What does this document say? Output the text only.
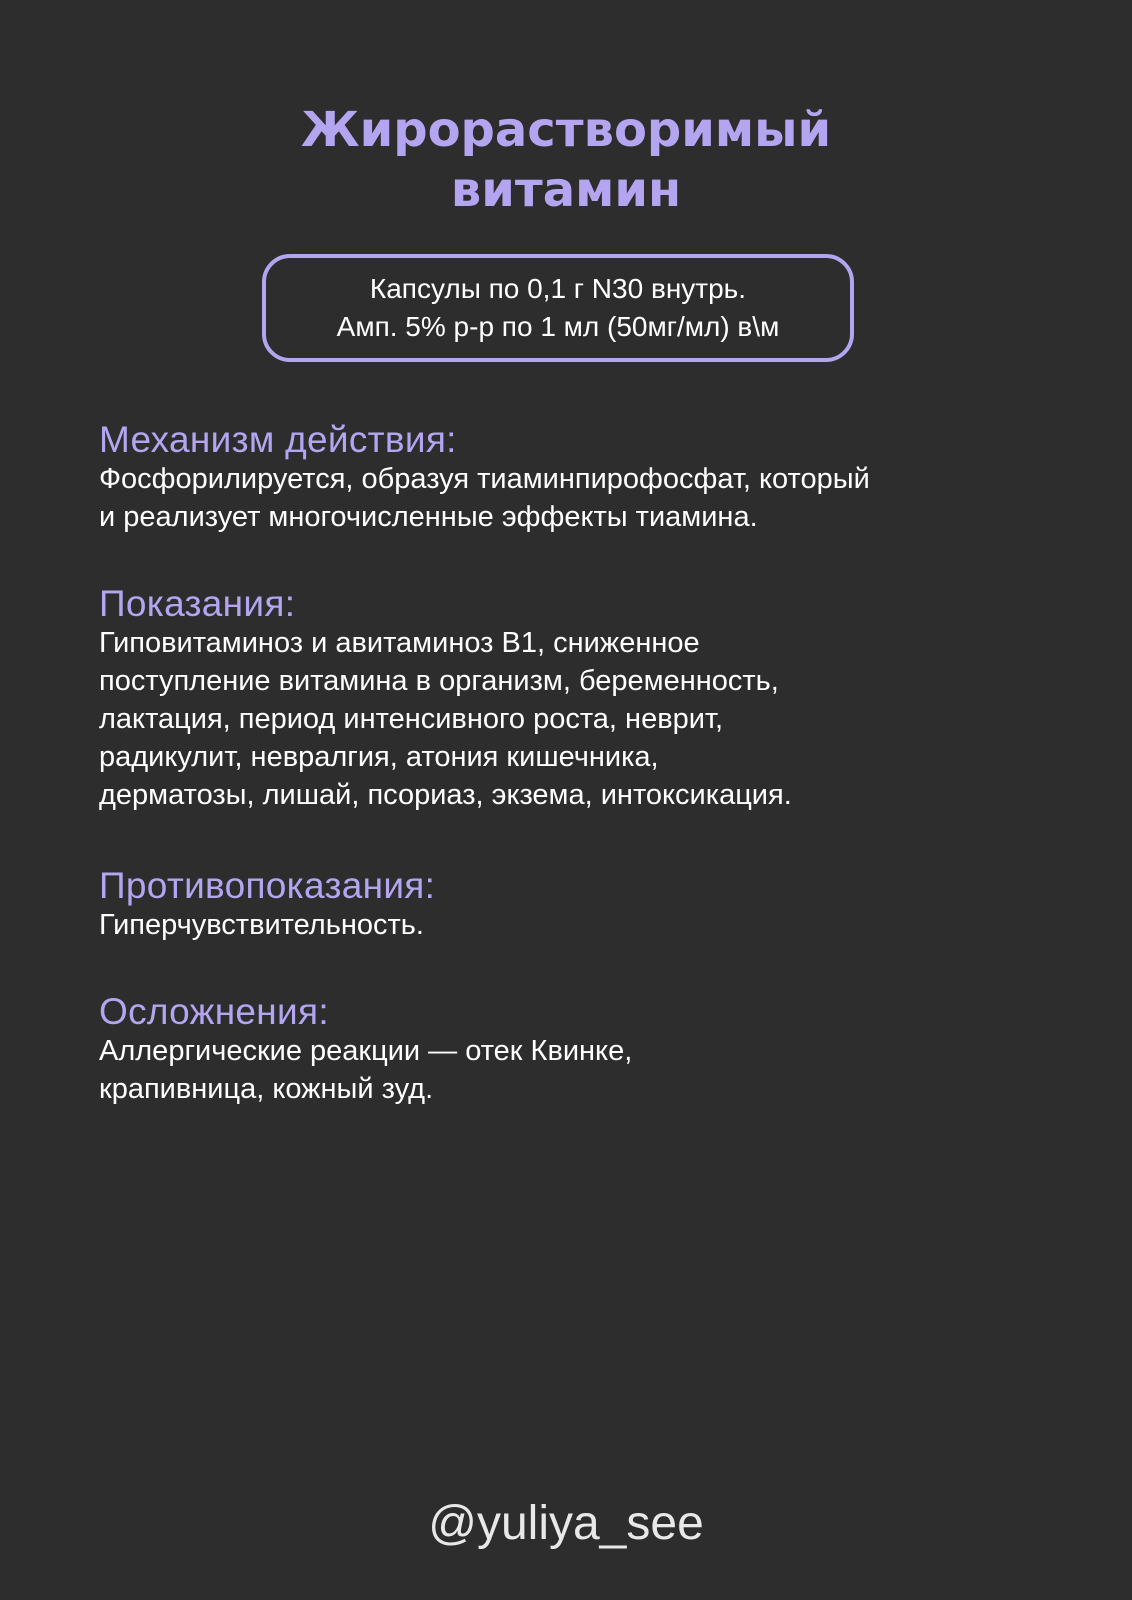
Жирорастворимый
витамин
Капсулы по 0,1 г N30 внутрь.
Амп. 5% р-р по 1 мл (50мг/мл) в\м
Механизм действия:

Фосфорилируется, образуя тиаминпирофосфат, который
и реализует многочисленные эффекты тиамина.

Показания:

Гиповитаминоз и авитаминоз B1, сниженное
поступление витамина в организм, беременность,
лактация, период интенсивного роста, неврит,
радикулит, невралгия, атония кишечника,
дерматозы, лишай, псориаз, экзема, интоксикация.

Противопоказания:

Гиперчувствительность.

Осложнения:

Аллергические реакции — отек Квинке,
крапивница, кожный зуд.

@yuliya_see
